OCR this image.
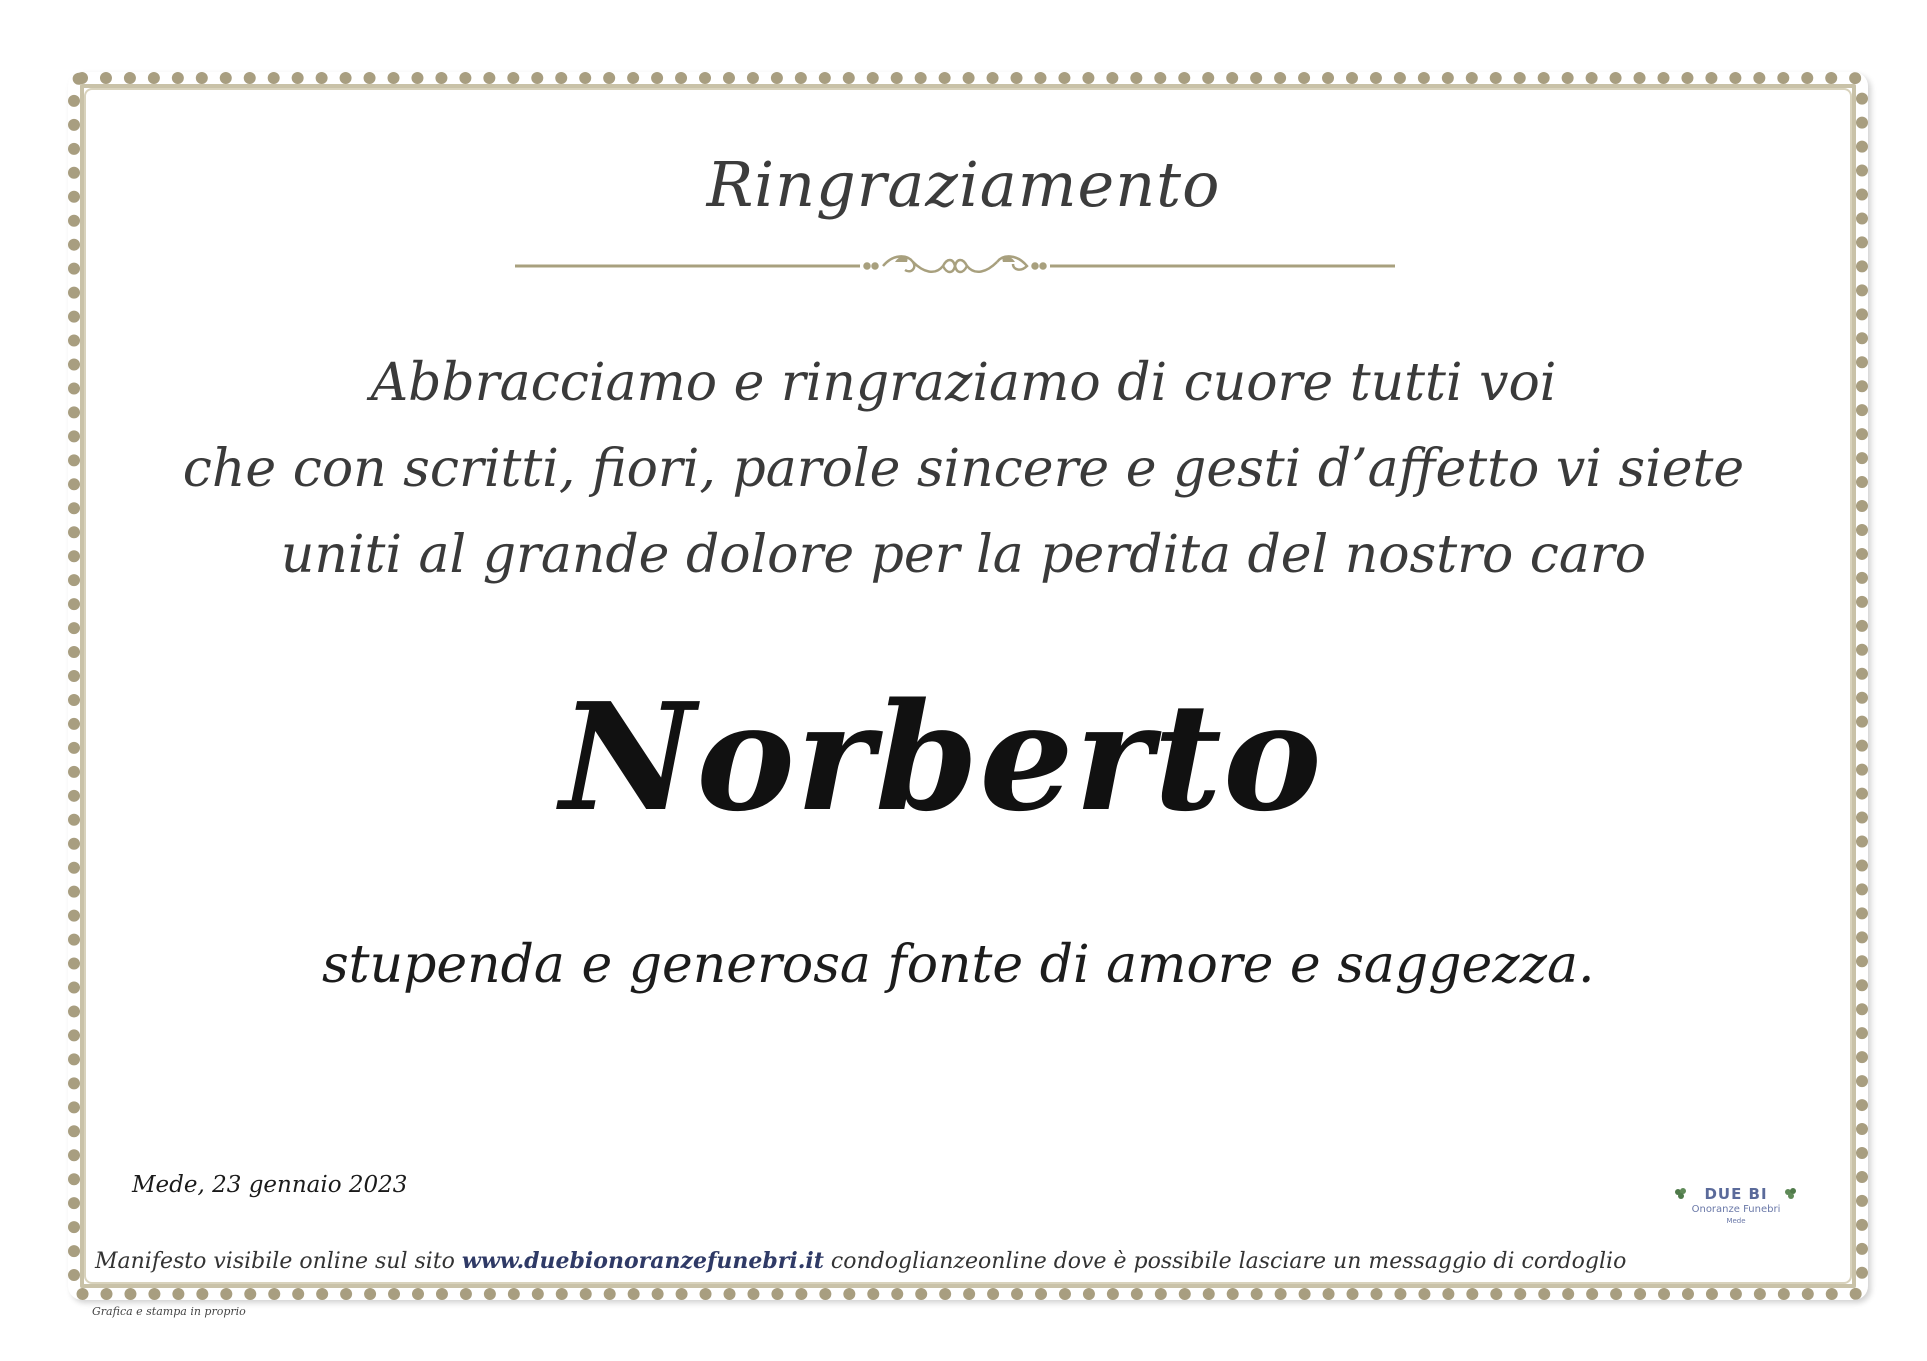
Ringraziamento
Abbracciamo e ringraziamo di cuore tutti voi
che con scritti, fiori, parole sincere e gesti d’affetto vi siete
uniti al grande dolore per la perdita del nostro caro
Norberto
stupenda e generosa fonte di amore e saggezza.
Mede, 23 gennaio 2023
Manifesto visibile online sul sito www.duebionoranzefunebri.it condoglianzeonline dove è possibile lasciare un messaggio di cordoglio
Grafica e stampa in proprio
DUE BI
Onoranze Funebri
Mede
